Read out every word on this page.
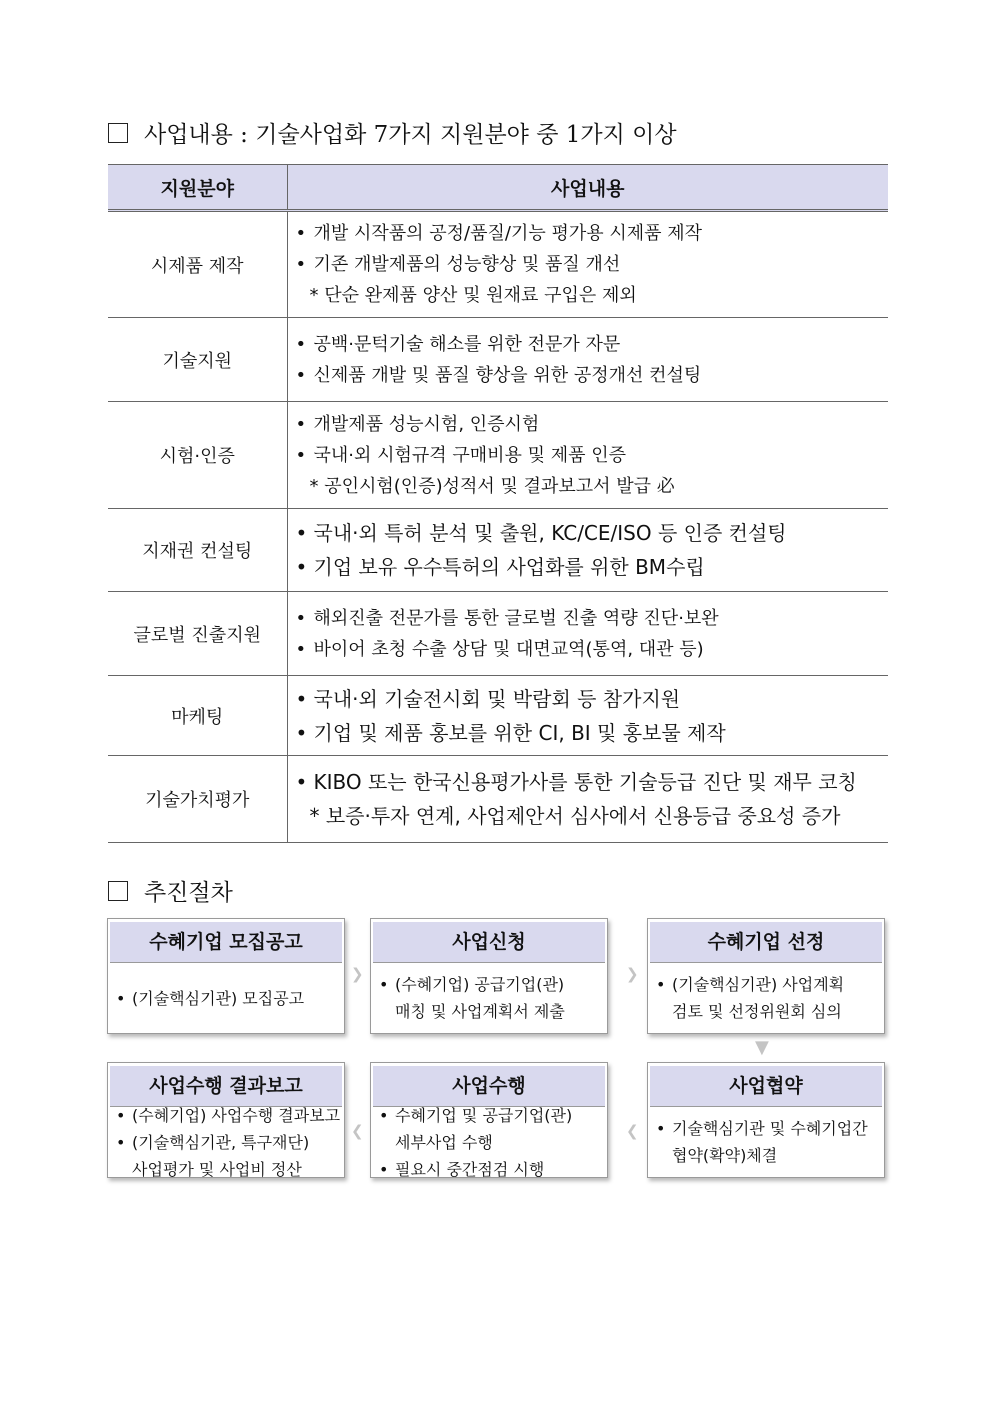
사업내용 : 기술사업화 7가지 지원분야 중 1가지 이상
지원분야	사업내용
시제품 제작	• 개발 시작품의 공정/품질/기능 평가용 시제품 제작
• 기존 개발제품의 성능향상 및 품질 개선
* 단순 완제품 양산 및 원재료 구입은 제외

기술지원	• 공백·문턱기술 해소를 위한 전문가 자문
• 신제품 개발 및 품질 향상을 위한 공정개선 컨설팅

시험·인증	• 개발제품 성능시험, 인증시험
• 국내·외 시험규격 구매비용 및 제품 인증
* 공인시험(인증)성적서 및 결과보고서 발급 必

지재권 컨설팅	• 국내·외 특허 분석 및 출원, KC/CE/ISO 등 인증 컨설팅
• 기업 보유 우수특허의 사업화를 위한 BM수립

글로벌 진출지원	• 해외진출 전문가를 통한 글로벌 진출 역량 진단·보완
• 바이어 초청 수출 상담 및 대면교역(통역, 대관 등)

마케팅	• 국내·외 기술전시회 및 박람회 등 참가지원
• 기업 및 제품 홍보를 위한 CI, BI 및 홍보물 제작

기술가치평가	• KIBO 또는 한국신용평가사를 통한 기술등급 진단 및 재무 코칭
* 보증·투자 연계, 사업제안서 심사에서 신용등급 중요성 증가
추진절차
수혜기업 모집공고
• (기술핵심기관) 모집공고
사업신청
• (수혜기업) 공급기업(관)
매칭 및 사업계획서 제출
수혜기업 선정
• (기술핵심기관) 사업계획
검토 및 선정위원회 심의
사업협약
• 기술핵심기관 및 수혜기업간
협약(확약)체결
사업수행
• 수혜기업 및 공급기업(관)
세부사업 수행
• 필요시 중간점검 시행
사업수행 결과보고
• (수혜기업) 사업수행 결과보고
• (기술핵심기관, 특구재단)
사업평가 및 사업비 정산
❯	❯
▼
❮
❮
